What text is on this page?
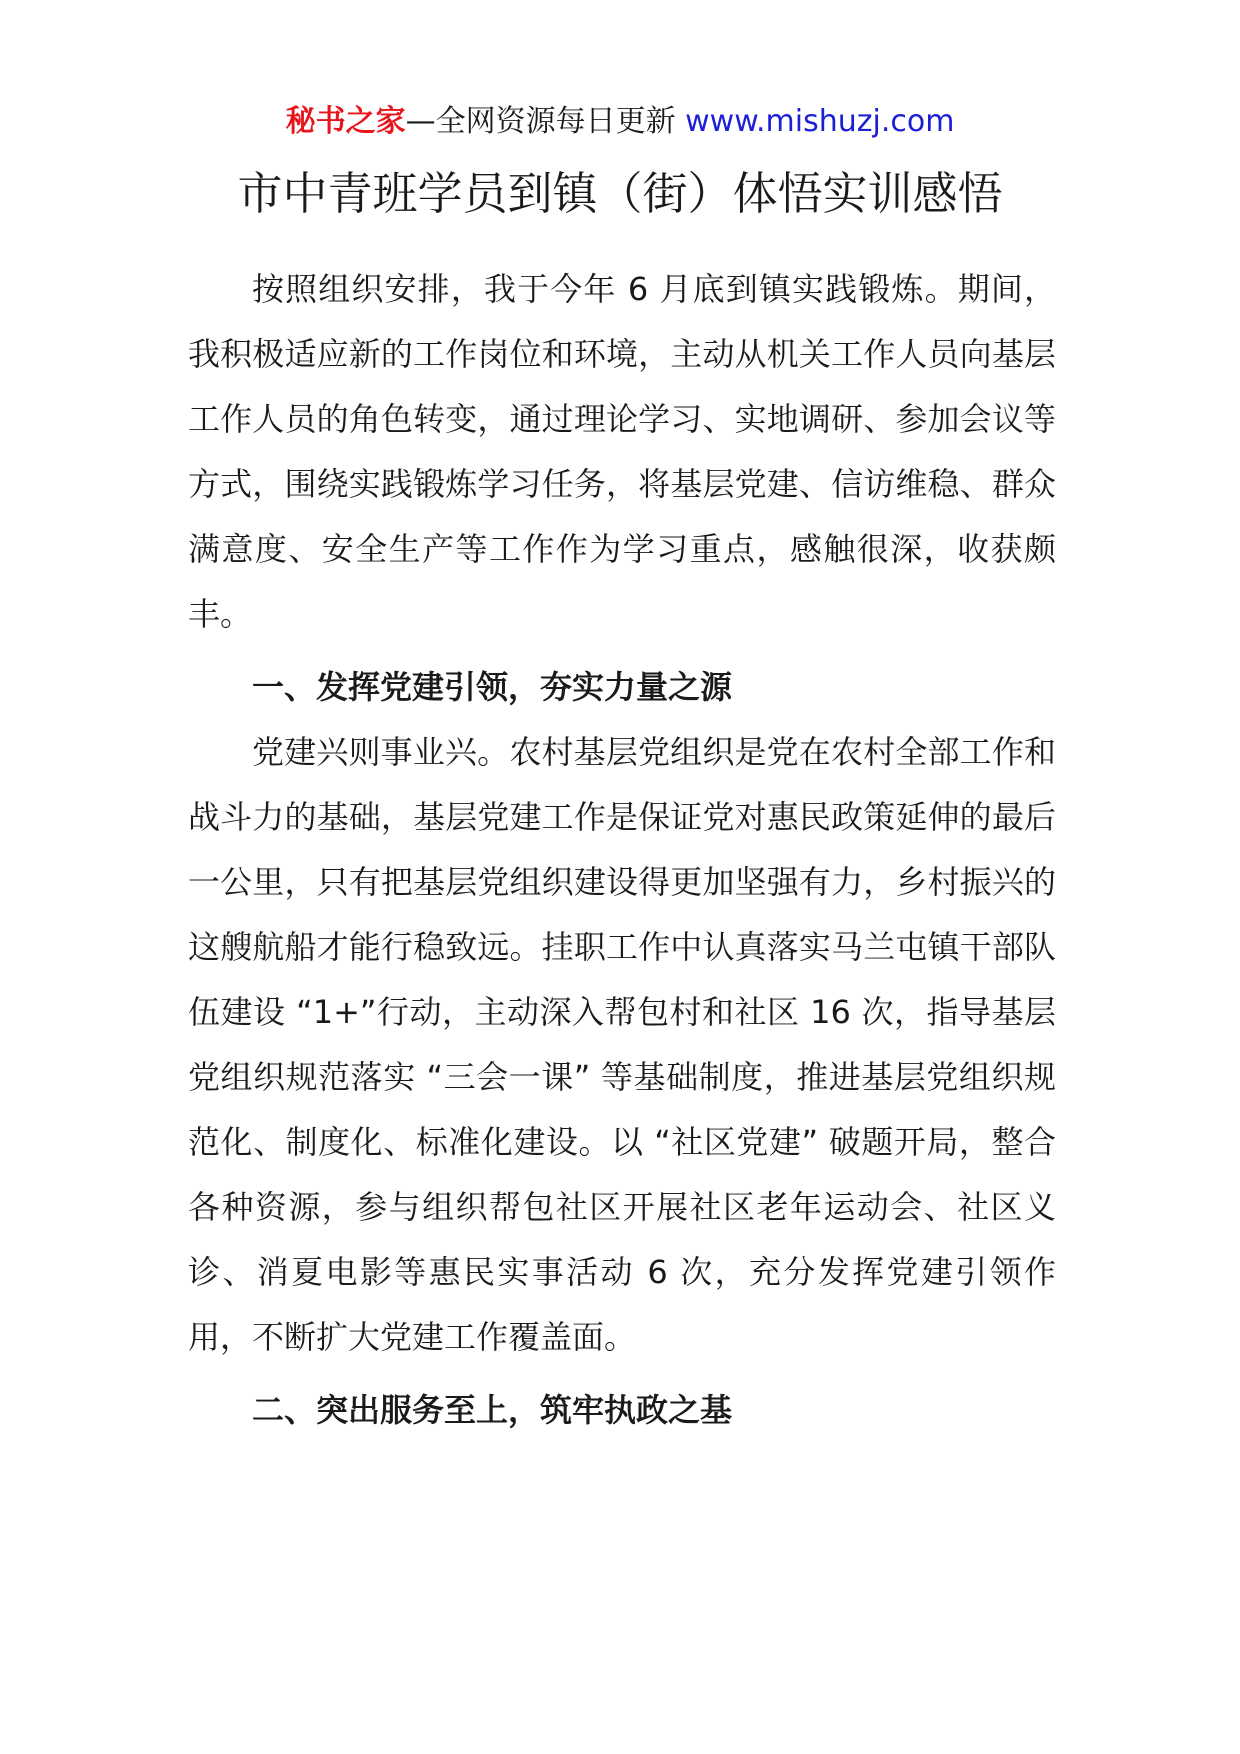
秘书之家—全网资源每日更新 www.mishuzj.com
市中青班学员到镇（街）体悟实训感悟

按照组织安排，我于今年 6 月底到镇实践锻炼。期间，我积极适应新的工作岗位和环境，主动从机关工作人员向基层工作人员的角色转变，通过理论学习、实地调研、参加会议等方式，围绕实践锻炼学习任务，将基层党建、信访维稳、群众满意度、安全生产等工作作为学习重点，感触很深，收获颇丰。

一、发挥党建引领，夯实力量之源

党建兴则事业兴。农村基层党组织是党在农村全部工作和战斗力的基础，基层党建工作是保证党对惠民政策延伸的最后一公里，只有把基层党组织建设得更加坚强有力，乡村振兴的这艘航船才能行稳致远。挂职工作中认真落实马兰屯镇干部队伍建设 “1+”行动，主动深入帮包村和社区 16 次，指导基层党组织规范落实 “三会一课” 等基础制度，推进基层党组织规范化、制度化、标准化建设。以 “社区党建” 破题开局，整合各种资源，参与组织帮包社区开展社区老年运动会、社区义诊、消夏电影等惠民实事活动 6 次，充分发挥党建引领作用，不断扩大党建工作覆盖面。

二、突出服务至上，筑牢执政之基
